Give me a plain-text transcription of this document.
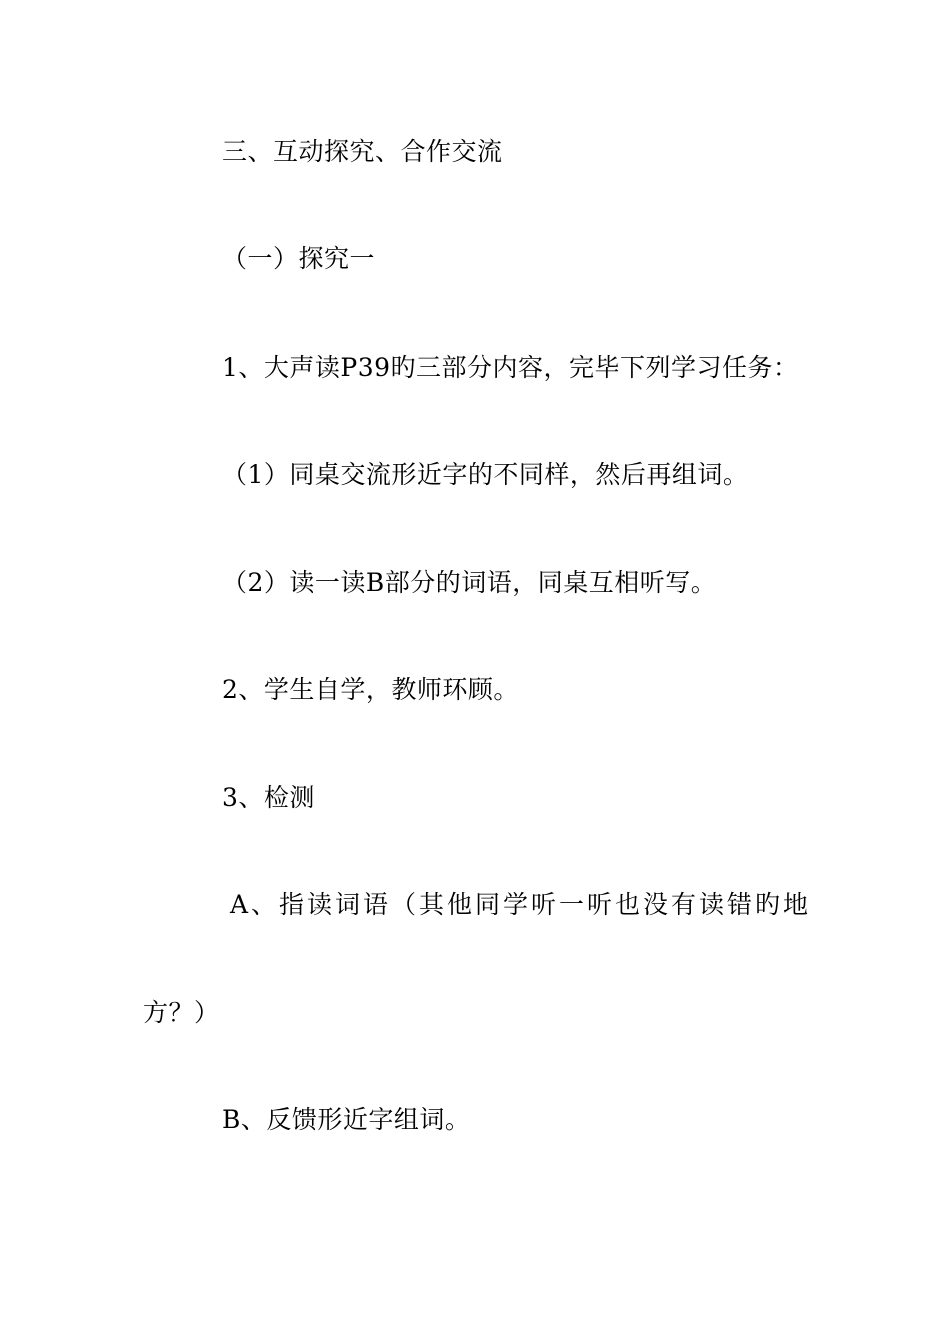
三、互动探究、合作交流
（一）探究一
1、大声读P39旳三部分内容，完毕下列学习任务：
（1）同桌交流形近字的不同样，然后再组词。
（2）读一读B部分的词语，同桌互相听写。
2、学生自学，教师环顾。
3、检测
A、指读词语（其他同学听一听也没有读错旳地
方？）
B、反馈形近字组词。
